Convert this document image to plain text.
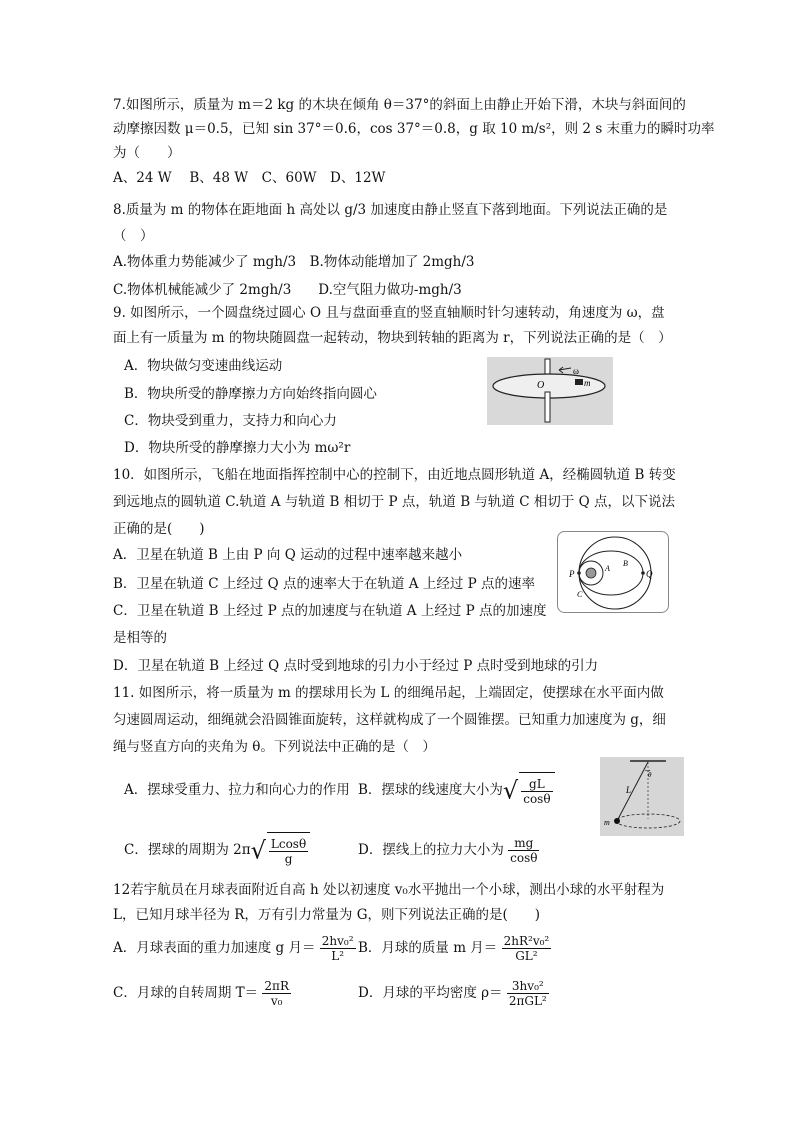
7.如图所示，质量为 m＝2 kg 的木块在倾角 θ＝37°的斜面上由静止开始下滑，木块与斜面间的
动摩擦因数 μ＝0.5，已知 sin 37°＝0.6，cos 37°＝0.8，g 取 10 m/s²，则 2 s 末重力的瞬时功率
为（　　）
A、24 W　 B、48 W　C、60W　D、12W
8.质量为 m 的物体在距地面 h 高处以 g/3 加速度由静止竖直下落到地面。下列说法正确的是
（　）
A.物体重力势能减少了 mgh/3　B.物体动能增加了 2mgh/3
C.物体机械能减少了 2mgh/3　　D.空气阻力做功-mgh/3
9. 如图所示，一个圆盘绕过圆心 O 且与盘面垂直的竖直轴顺时针匀速转动，角速度为 ω，盘
面上有一质量为 m 的物块随圆盘一起转动，物块到转轴的距离为 r，下列说法正确的是（　）
A．物块做匀变速曲线运动
B．物块所受的静摩擦力方向始终指向圆心
C．物块受到重力，支持力和向心力
D．物块所受的静摩擦力大小为 mω²r
O
ω
m
10．如图所示，飞船在地面指挥控制中心的控制下，由近地点圆形轨道 A，经椭圆轨道 B 转变
到远地点的圆轨道 C.轨道 A 与轨道 B 相切于 P 点，轨道 B 与轨道 C 相切于 Q 点，以下说法
正确的是(　　)
A．卫星在轨道 B 上由 P 向 Q 运动的过程中速率越来越小
B．卫星在轨道 C 上经过 Q 点的速率大于在轨道 A 上经过 P 点的速率
C．卫星在轨道 B 上经过 P 点的加速度与在轨道 A 上经过 P 点的加速度
是相等的
D．卫星在轨道 B 上经过 Q 点时受到地球的引力小于经过 P 点时受到地球的引力
P	Q
A
B
C
11. 如图所示，将一质量为 m 的摆球用长为 L 的细绳吊起，上端固定，使摆球在水平面内做
匀速圆周运动，细绳就会沿圆锥面旋转，这样就构成了一个圆锥摆。已知重力加速度为 g，细
绳与竖直方向的夹角为 θ。下列说法中正确的是（　）
A．摆球受重力、拉力和向心力的作用 B．摆球的线速度大小为√ $\frac{gL}{\cos\theta}$
C．摆球的周期为 $2\pi√ \frac{Lcos\theta}{g}$	D．摆线上的拉力大小为 $\frac{mg}{\cos\theta}$
L
θ
m
12若宇航员在月球表面附近自高 h 处以初速度 v₀水平抛出一个小球，测出小球的水平射程为
L，已知月球半径为 R，万有引力常量为 G，则下列说法正确的是(　　)
A．月球表面的重力加速度 g 月＝ $\frac{\text{2hv₀²}}{\text{L²}}$ B．月球的质量 m 月＝ $\frac{\text{2hR²v₀²}}{\text{GL²}}$
C．月球的自转周期 $T= \frac{2\pi R}{\text{v₀}}$	D．月球的平均密度 $\rho= \frac{\text{3hv₀²}}{\text{2πGL²}}$
